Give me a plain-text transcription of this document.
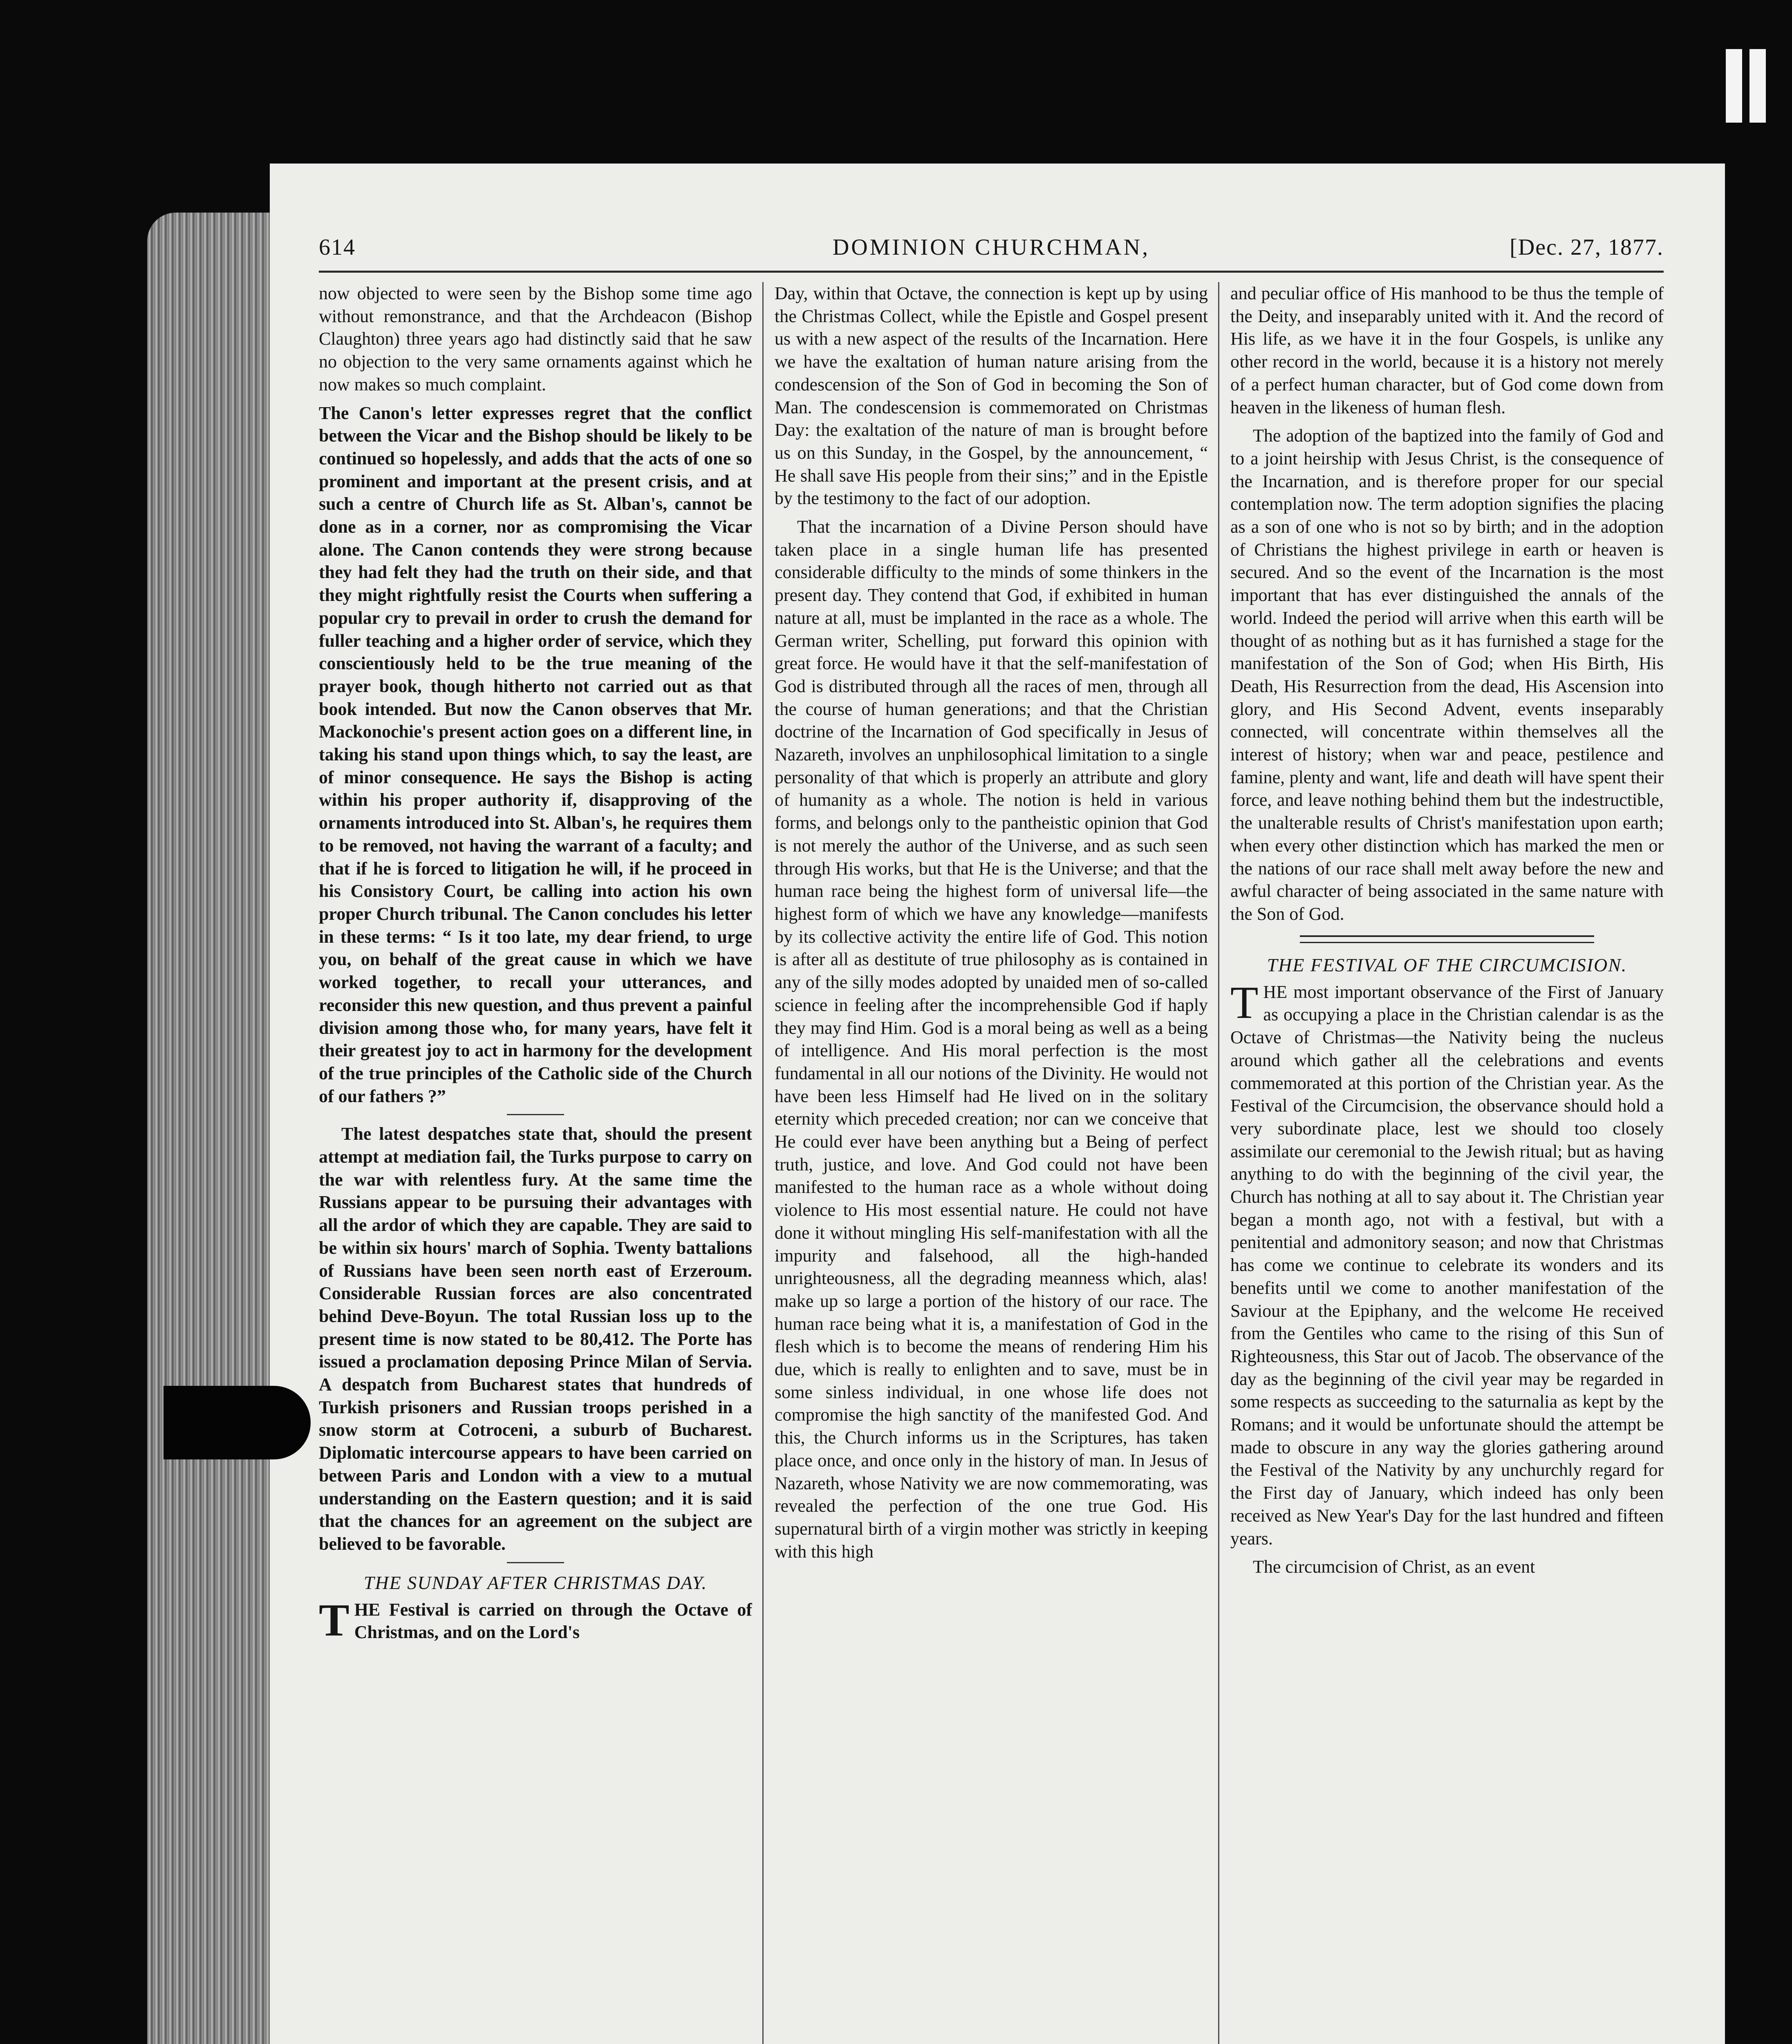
614	DOMINION CHURCHMAN,	[Dec. 27, 1877.

now objected to were seen by the Bishop some time ago without remonstrance, and that the Archdeacon (Bishop Claughton) three years ago had distinctly said that he saw no objection to the very same ornaments against which he now makes so much complaint.

The Canon's letter expresses regret that the conflict between the Vicar and the Bishop should be likely to be continued so hopelessly, and adds that the acts of one so prominent and important at the present crisis, and at such a centre of Church life as St. Alban's, cannot be done as in a corner, nor as compromising the Vicar alone. The Canon contends they were strong because they had felt they had the truth on their side, and that they might rightfully resist the Courts when suffering a popular cry to prevail in order to crush the demand for fuller teaching and a higher order of service, which they conscientiously held to be the true meaning of the prayer book, though hitherto not carried out as that book intended. But now the Canon observes that Mr. Mackonochie's present action goes on a different line, in taking his stand upon things which, to say the least, are of minor consequence. He says the Bishop is acting within his proper authority if, disapproving of the ornaments introduced into St. Alban's, he requires them to be removed, not having the warrant of a faculty; and that if he is forced to litigation he will, if he proceed in his Consistory Court, be calling into action his own proper Church tribunal. The Canon concludes his letter in these terms: “ Is it too late, my dear friend, to urge you, on behalf of the great cause in which we have worked together, to recall your utterances, and reconsider this new question, and thus prevent a painful division among those who, for many years, have felt it their greatest joy to act in harmony for the development of the true principles of the Catholic side of the Church of our fathers ?”

The latest despatches state that, should the present attempt at mediation fail, the Turks purpose to carry on the war with relentless fury. At the same time the Russians appear to be pursuing their advantages with all the ardor of which they are capable. They are said to be within six hours' march of Sophia. Twenty battalions of Russians have been seen north east of Erzeroum. Considerable Russian forces are also concentrated behind Deve-Boyun. The total Russian loss up to the present time is now stated to be 80,412. The Porte has issued a proclamation deposing Prince Milan of Servia. A despatch from Bucharest states that hundreds of Turkish prisoners and Russian troops perished in a snow storm at Cotroceni, a suburb of Bucharest. Diplomatic intercourse appears to have been carried on between Paris and London with a view to a mutual understanding on the Eastern question; and it is said that the chances for an agreement on the subject are believed to be favorable.

THE SUNDAY AFTER CHRISTMAS DAY.

THE Festival is carried on through the Octave of Christmas, and on the Lord's

Day, within that Octave, the connection is kept up by using the Christmas Collect, while the Epistle and Gospel present us with a new aspect of the results of the Incarnation. Here we have the exaltation of human nature arising from the condescension of the Son of God in becoming the Son of Man. The condescension is commemorated on Christmas Day: the exaltation of the nature of man is brought before us on this Sunday, in the Gospel, by the announcement, “ He shall save His people from their sins;” and in the Epistle by the testimony to the fact of our adoption.

That the incarnation of a Divine Person should have taken place in a single human life has presented considerable difficulty to the minds of some thinkers in the present day. They contend that God, if exhibited in human nature at all, must be implanted in the race as a whole. The German writer, Schelling, put forward this opinion with great force. He would have it that the self-manifestation of God is distributed through all the races of men, through all the course of human generations; and that the Christian doctrine of the Incarnation of God specifically in Jesus of Nazareth, involves an unphilosophical limitation to a single personality of that which is properly an attribute and glory of humanity as a whole. The notion is held in various forms, and belongs only to the pantheistic opinion that God is not merely the author of the Universe, and as such seen through His works, but that He is the Universe; and that the human race being the highest form of universal life—the highest form of which we have any knowledge—manifests by its collective activity the entire life of God. This notion is after all as destitute of true philosophy as is contained in any of the silly modes adopted by unaided men of so-called science in feeling after the incomprehensible God if haply they may find Him. God is a moral being as well as a being of intelligence. And His moral perfection is the most fundamental in all our notions of the Divinity. He would not have been less Himself had He lived on in the solitary eternity which preceded creation; nor can we conceive that He could ever have been anything but a Being of perfect truth, justice, and love. And God could not have been manifested to the human race as a whole without doing violence to His most essential nature. He could not have done it without mingling His self-manifestation with all the impurity and falsehood, all the high-handed unrighteousness, all the degrading meanness which, alas! make up so large a portion of the history of our race. The human race being what it is, a manifestation of God in the flesh which is to become the means of rendering Him his due, which is really to enlighten and to save, must be in some sinless individual, in one whose life does not compromise the high sanctity of the manifested God. And this, the Church informs us in the Scriptures, has taken place once, and once only in the history of man. In Jesus of Nazareth, whose Nativity we are now commemorating, was revealed the perfection of the one true God. His supernatural birth of a virgin mother was strictly in keeping with this high

and peculiar office of His manhood to be thus the temple of the Deity, and inseparably united with it. And the record of His life, as we have it in the four Gospels, is unlike any other record in the world, because it is a history not merely of a perfect human character, but of God come down from heaven in the likeness of human flesh.

The adoption of the baptized into the family of God and to a joint heirship with Jesus Christ, is the consequence of the Incarnation, and is therefore proper for our special contemplation now. The term adoption signifies the placing as a son of one who is not so by birth; and in the adoption of Christians the highest privilege in earth or heaven is secured. And so the event of the Incarnation is the most important that has ever distinguished the annals of the world. Indeed the period will arrive when this earth will be thought of as nothing but as it has furnished a stage for the manifestation of the Son of God; when His Birth, His Death, His Resurrection from the dead, His Ascension into glory, and His Second Advent, events inseparably connected, will concentrate within themselves all the interest of history; when war and peace, pestilence and famine, plenty and want, life and death will have spent their force, and leave nothing behind them but the indestructible, the unalterable results of Christ's manifestation upon earth; when every other distinction which has marked the men or the nations of our race shall melt away before the new and awful character of being associated in the same nature with the Son of God.

THE FESTIVAL OF THE CIRCUMCISION.

THE most important observance of the First of January as occupying a place in the Christian calendar is as the Octave of Christmas—the Nativity being the nucleus around which gather all the celebrations and events commemorated at this portion of the Christian year. As the Festival of the Circumcision, the observance should hold a very subordinate place, lest we should too closely assimilate our ceremonial to the Jewish ritual; but as having anything to do with the beginning of the civil year, the Church has nothing at all to say about it. The Christian year began a month ago, not with a festival, but with a penitential and admonitory season; and now that Christmas has come we continue to celebrate its wonders and its benefits until we come to another manifestation of the Saviour at the Epiphany, and the welcome He received from the Gentiles who came to the rising of this Sun of Righteousness, this Star out of Jacob. The observance of the day as the beginning of the civil year may be regarded in some respects as succeeding to the saturnalia as kept by the Romans; and it would be unfortunate should the attempt be made to obscure in any way the glories gathering around the Festival of the Nativity by any unchurchly regard for the First day of January, which indeed has only been received as New Year's Day for the last hundred and fifteen years.

The circumcision of Christ, as an event
